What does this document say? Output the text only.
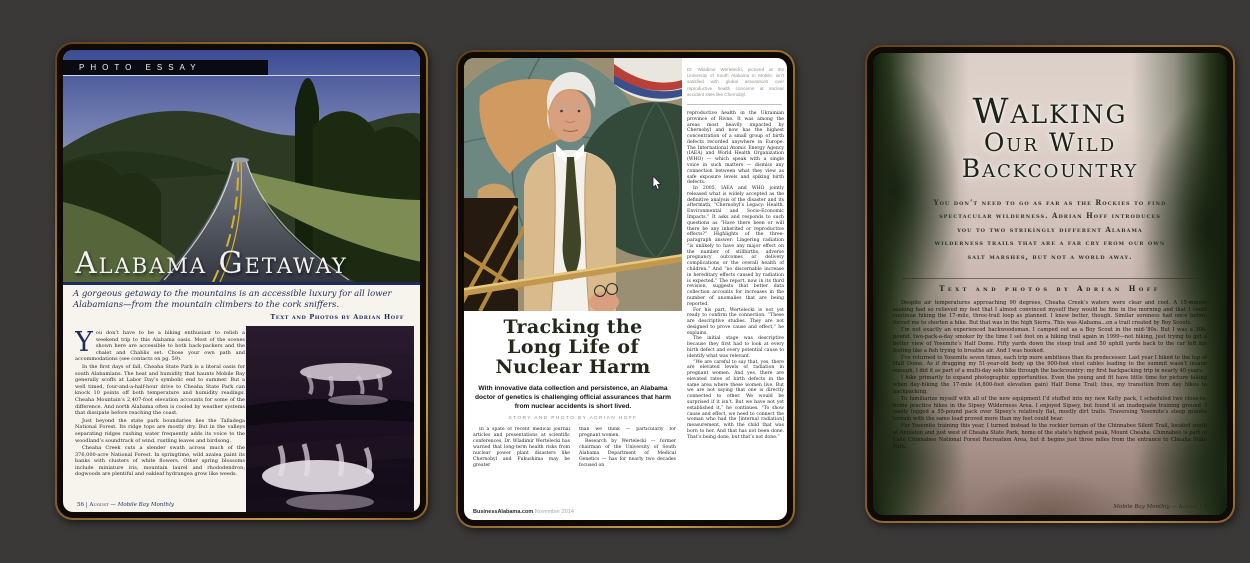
PHOTO ESSAY
Alabama Getaway
A gorgeous getaway to the mountains is an accessible luxury for all lower Alabamians—from the mountain climbers to the cork sniffers.
Text and Photos by Adrian Hoff

You don’t have to be a hiking enthusiast to relish a weekend trip to this Alabama oasis. Most of the scenes shown here are accessible to both back-packers and the chalet and Chablis set. Chose your own path and accommodations (see contacts on pg. 59).

In the first days of fall, Cheaha State Park is a literal oasis for south Alabamians. The heat and humidity that haunts Mobile Bay generally scoffs at Labor Day’s symbolic end to summer. But a well timed, four-and-a-half-hour drive to Cheaha State Park can knock 10 points off both temperature and humidity readings. Cheaha Mountain’s 2,407-foot elevation accounts for some of the difference. And north Alabama often is cooled by weather systems that dissipate before reaching the coast.

Just beyond the state park boundaries lies the Talladega National Forest. Its ridge tops are mostly dry. But in the valleys separating ridges rushing water frequently adds its voice to the woodland’s soundtrack of wind, rustling leaves and birdsong.

Cheaha Creek cuts a slender swath across much of the 376,000-acre National Forest. In springtime, wild azalea paint its banks with clusters of white flowers. Other spring blossoms include miniature iris, mountain laurel and rhododendron; dogwoods are plentiful and oakleaf hydrangea grow like weeds.

56 | August — Mobile Bay Monthly
Dr. Wladimir Wertelecki, pictured at the University of South Alabama in Mobile, isn’t satisfied with global assurances over reproductive health concerns at nuclear accident sites like Chernobyl.

reproductive health in the Ukrainian province of Rivne. It was among the areas most heavily impacted by Chernobyl and now has the highest concentration of a small group of birth defects recorded anywhere in Europe. The International Atomic Energy Agency (IAEA) and World Health Organization (WHO) — which speak with a single voice in such matters — dismiss any connection between what they view as safe exposure levels and spiking birth defects.

In 2005, IAEA and WHO jointly released what is widely accepted as the definitive analysis of the disaster and its aftermath, “Chernobyl’s Legacy: Health, Environmental and Socio-Economic Impacts.” It asks and responds to such questions as “Have there been or will there be any inherited or reproductive effects?” Highlights of the three-paragraph answer: Lingering radiation “is unlikely to have any major effect on the number of stillbirths, adverse pregnancy outcomes or delivery complications or the overall health of children.” And “no discernable increase in hereditary effects caused by radiation is expected.” The report, now in its third revision, suggests that better data collection accounts for increases in the number of anomalies that are being reported.

For his part, Wertelecki is not yet ready to confirm the connection. “These are descriptive studies. They are not designed to prove cause and effect,” he explains.

The initial stage was descriptive because they first had to look at every birth defect and every potential cause to identify what was relevant.

“We are careful to say that, yes, there are elevated levels of radiation in pregnant women. And yes, there are elevated rates of birth defects in the same area where these women live. But we are not saying that one is directly connected to other. We would be surprised if it isn’t. But we have not yet established it,” he continues. “To show cause and effect, we need to connect the woman who had the [internal radiation] measurement, with the child that was born to her. And that has not been done. That’s being done, but that’s not done.”

Tracking the
Long Life of
Nuclear Harm
With innovative data collection and persistence, an Alabama doctor of genetics is challenging official assurances that harm from nuclear accidents is short lived.
STORY AND PHOTO BY ADRIAN HOFF

In a spate of recent medical journal articles and presentations at scientific conferences, Dr. Wladimir Wertelecki has warned that long-term health risks from nuclear power plant disasters like Chernobyl and Fukushima may be greater

than we think — particularly for pregnant women.

Research by Wertelecki — former chairman of the University of South Alabama Department of Medical Genetics — has for nearly two decades focused on

BusinessAlabama.com November 2014
Walking
Our Wild
Backcountry
You don’t need to go as far as the Rockies to find spectacular wilderness. Adrian Hoff introduces you to two strikingly different Alabama wilderness trails that are a far cry from our own salt marshes, but not a world away.
Text and photos by Adrian Hoff

Despite air temperatures approaching 90 degrees, Cheaha Creek’s waters were clear and cool. A 15-minute soaking had so relieved my feet that I almost convinced myself they would be fine in the morning and that I could continue hiking the 17-mile, three-trail loop as planned. I knew better, though. Similar soreness had once before forced me to shorten a hike. But that was in the high Sierra. This was Alabama...on a trail created by Boy Scouts.

I’m not exactly an experienced backwoodsman. I camped out as a Boy Scout in the mid-’80s. But I was a 300-pound, two-pack-a-day smoker by the time I set foot on a hiking trail again in 1999—not hiking, just trying to get a better view of Yosemite’s Half Dome. Fifty yards down the steep trail and 50 uphill yards back to the car left me feeling like a fish trying to breathe air. And I was hooked.

I’ve returned to Yosemite seven times, each trip more ambitious than its predecessor. Last year I hiked to the top of Half Dome. As if dragging my 51-year-old body up the 900-foot steel cables leading to the summit wasn’t insane enough, I did it as part of a multi-day solo hike through the backcountry: my first backpacking trip in nearly 40 years.

I hike primarily to expand photographic opportunities. Even the young and fit have little time for picture taking when day-hiking the 17-mile (4,800-foot elevation gain) Half Dome Trail; thus, my transition from day hikes to backpacking.

To familiarize myself with all of the new equipment I’d stuffed into my new Kelty pack, I scheduled two close-to-home practice hikes in the Sipsey Wilderness Area. I enjoyed Sipsey, but found it an inadequate training ground. I easily lugged a 55-pound pack over Sipsey’s relatively flat, mostly dirt trails. Traversing Yosemite’s steep granite terrain with the same load proved more than my feet could bear.

For Yosemite training this year, I turned instead to the rockier terrain of the Chinnabee Silent Trail, located south of Anniston and just west of Cheaha State Park, home of the state’s highest peak, Mount Cheaha. Chinnabee is part of Lake Chinnabee National Forest Recreation Area, but it begins just three miles from the entrance to Cheaha State Park.

Mobile Bay Monthly — August | 31
